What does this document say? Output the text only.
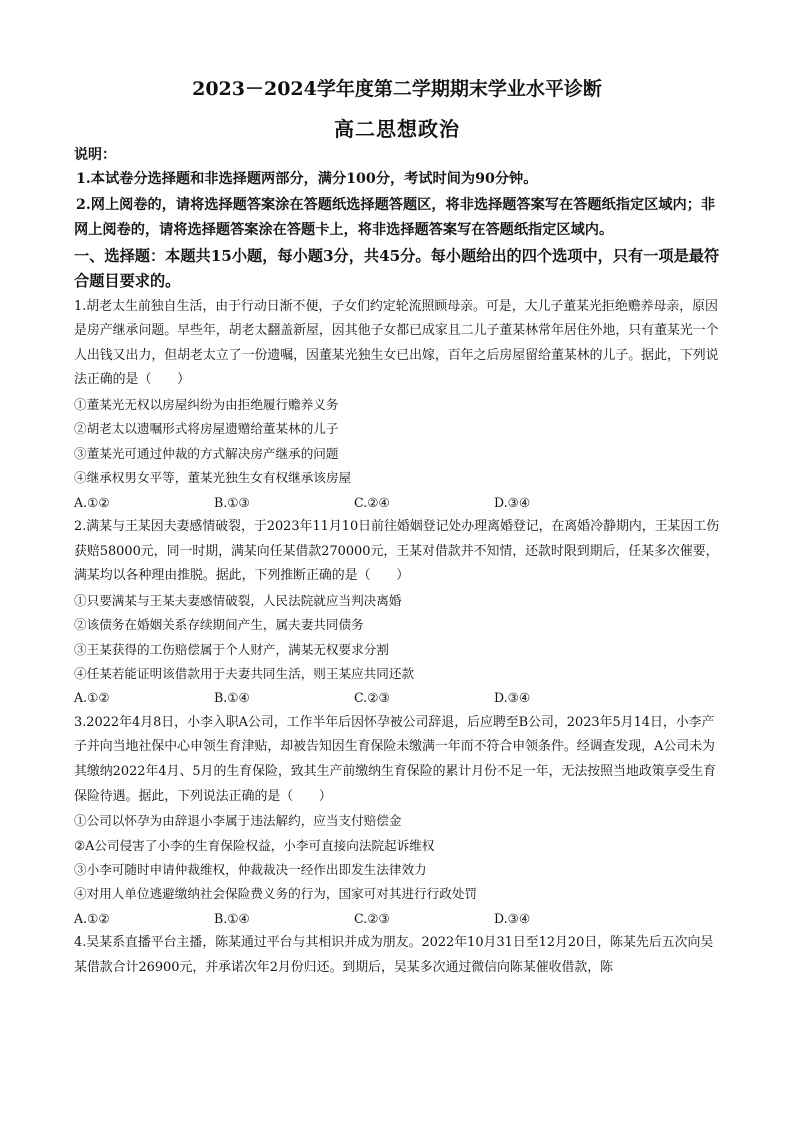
2023－2024学年度第二学期期末学业水平诊断
高二思想政治
说明：

1.本试卷分选择题和非选择题两部分，满分100分，考试时间为90分钟。

2.网上阅卷的，请将选择题答案涂在答题纸选择题答题区，将非选择题答案写在答题纸指定区域内；非网上阅卷的，请将选择题答案涂在答题卡上，将非选择题答案写在答题纸指定区域内。

一、选择题：本题共15小题，每小题3分，共45分。每小题给出的四个选项中，只有一项是最符合题目要求的。

1.胡老太生前独自生活，由于行动日渐不便，子女们约定轮流照顾母亲。可是，大儿子董某光拒绝赡养母亲，原因是房产继承问题。早些年，胡老太翻盖新屋，因其他子女都已成家且二儿子董某林常年居住外地，只有董某光一个人出钱又出力，但胡老太立了一份遗嘱，因董某光独生女已出嫁，百年之后房屋留给董某林的儿子。据此，下列说法正确的是（　　）

①董某光无权以房屋纠纷为由拒绝履行赡养义务
②胡老太以遗嘱形式将房屋遗赠给董某林的儿子
③董某光可通过仲裁的方式解决房产继承的问题
④继承权男女平等，董某光独生女有权继承该房屋
A.①②	B.①③	C.②④	D.③④

2.满某与王某因夫妻感情破裂，于2023年11月10日前往婚姻登记处办理离婚登记，在离婚冷静期内，王某因工伤获赔58000元，同一时期，满某向任某借款270000元，王某对借款并不知情，还款时限到期后，任某多次催要，满某均以各种理由推脱。据此，下列推断正确的是（　　）

①只要满某与王某夫妻感情破裂，人民法院就应当判决离婚
②该债务在婚姻关系存续期间产生，属夫妻共同债务
③王某获得的工伤赔偿属于个人财产，满某无权要求分割
④任某若能证明该借款用于夫妻共同生活，则王某应共同还款
A.①②	B.①④	C.②③	D.③④

3.2022年4月8日，小李入职A公司，工作半年后因怀孕被公司辞退，后应聘至B公司，2023年5月14日，小李产子并向当地社保中心申领生育津贴，却被告知因生育保险未缴满一年而不符合申领条件。经调查发现，A公司未为其缴纳2022年4月、5月的生育保险，致其生产前缴纳生育保险的累计月份不足一年，无法按照当地政策享受生育保险待遇。据此，下列说法正确的是（　　）

①公司以怀孕为由辞退小李属于违法解约，应当支付赔偿金
②A公司侵害了小李的生育保险权益，小李可直接向法院起诉维权
③小李可随时申请仲裁维权，仲裁裁决一经作出即发生法律效力
④对用人单位逃避缴纳社会保险费义务的行为，国家可对其进行行政处罚
A.①②	B.①④	C.②③	D.③④

4.吴某系直播平台主播，陈某通过平台与其相识并成为朋友。2022年10月31日至12月20日，陈某先后五次向吴某借款合计26900元，并承诺次年2月份归还。到期后，吴某多次通过微信向陈某催收借款，陈
